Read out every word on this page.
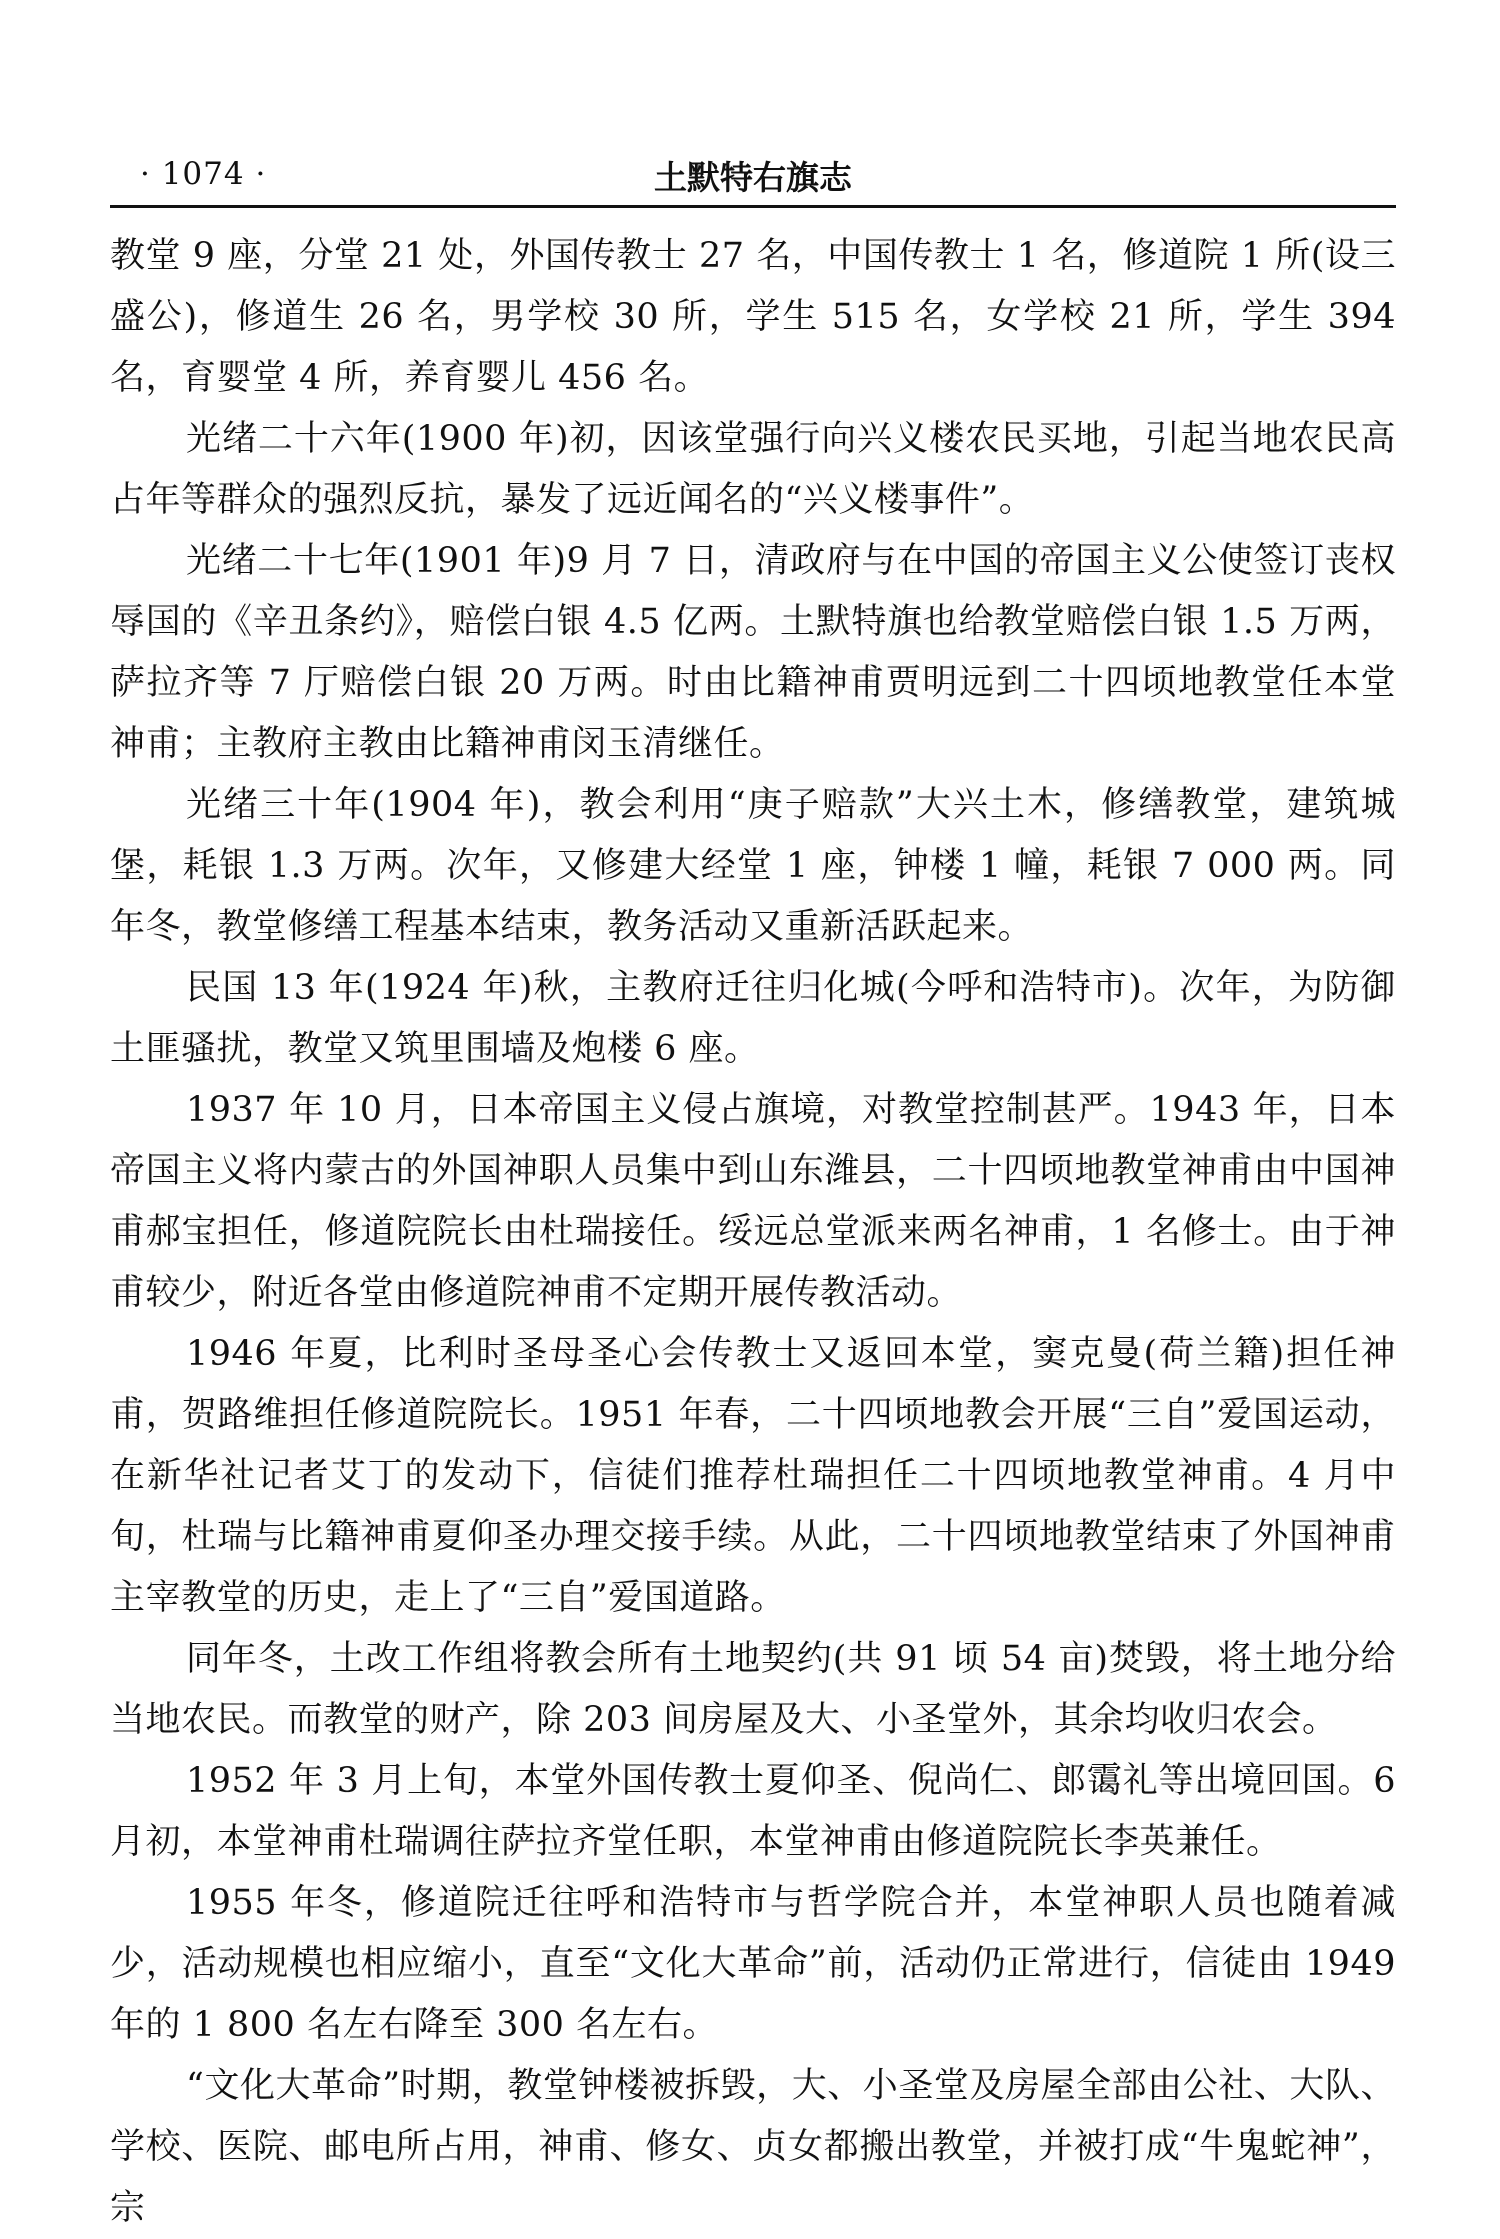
· 1074 ·	土默特右旗志

教堂 9 座，分堂 21 处，外国传教士 27 名，中国传教士 1 名，修道院 1 所(设三盛公)，修道生 26 名，男学校 30 所，学生 515 名，女学校 21 所，学生 394 名，育婴堂 4 所，养育婴儿 456 名。

光绪二十六年(1900 年)初，因该堂强行向兴义楼农民买地，引起当地农民高占年等群众的强烈反抗，暴发了远近闻名的“兴义楼事件”。

光绪二十七年(1901 年)9 月 7 日，清政府与在中国的帝国主义公使签订丧权辱国的《辛丑条约》，赔偿白银 4.5 亿两。土默特旗也给教堂赔偿白银 1.5 万两，萨拉齐等 7 厅赔偿白银 20 万两。时由比籍神甫贾明远到二十四顷地教堂任本堂神甫；主教府主教由比籍神甫闵玉清继任。

光绪三十年(1904 年)，教会利用“庚子赔款”大兴土木，修缮教堂，建筑城堡，耗银 1.3 万两。次年，又修建大经堂 1 座，钟楼 1 幢，耗银 7 000 两。同年冬，教堂修缮工程基本结束，教务活动又重新活跃起来。

民国 13 年(1924 年)秋，主教府迁往归化城(今呼和浩特市)。次年，为防御土匪骚扰，教堂又筑里围墙及炮楼 6 座。

1937 年 10 月，日本帝国主义侵占旗境，对教堂控制甚严。1943 年，日本帝国主义将内蒙古的外国神职人员集中到山东潍县，二十四顷地教堂神甫由中国神甫郝宝担任，修道院院长由杜瑞接任。绥远总堂派来两名神甫，1 名修士。由于神甫较少，附近各堂由修道院神甫不定期开展传教活动。

1946 年夏，比利时圣母圣心会传教士又返回本堂，窦克曼(荷兰籍)担任神甫，贺路维担任修道院院长。1951 年春，二十四顷地教会开展“三自”爱国运动，在新华社记者艾丁的发动下，信徒们推荐杜瑞担任二十四顷地教堂神甫。4 月中旬，杜瑞与比籍神甫夏仰圣办理交接手续。从此，二十四顷地教堂结束了外国神甫主宰教堂的历史，走上了“三自”爱国道路。

同年冬，土改工作组将教会所有土地契约(共 91 顷 54 亩)焚毁，将土地分给当地农民。而教堂的财产，除 203 间房屋及大、小圣堂外，其余均收归农会。

1952 年 3 月上旬，本堂外国传教士夏仰圣、倪尚仁、郎霭礼等出境回国。6 月初，本堂神甫杜瑞调往萨拉齐堂任职，本堂神甫由修道院院长李英兼任。

1955 年冬，修道院迁往呼和浩特市与哲学院合并，本堂神职人员也随着减少，活动规模也相应缩小，直至“文化大革命”前，活动仍正常进行，信徒由 1949 年的 1 800 名左右降至 300 名左右。

“文化大革命”时期，教堂钟楼被拆毁，大、小圣堂及房屋全部由公社、大队、学校、医院、邮电所占用，神甫、修女、贞女都搬出教堂，并被打成“牛鬼蛇神”，宗
